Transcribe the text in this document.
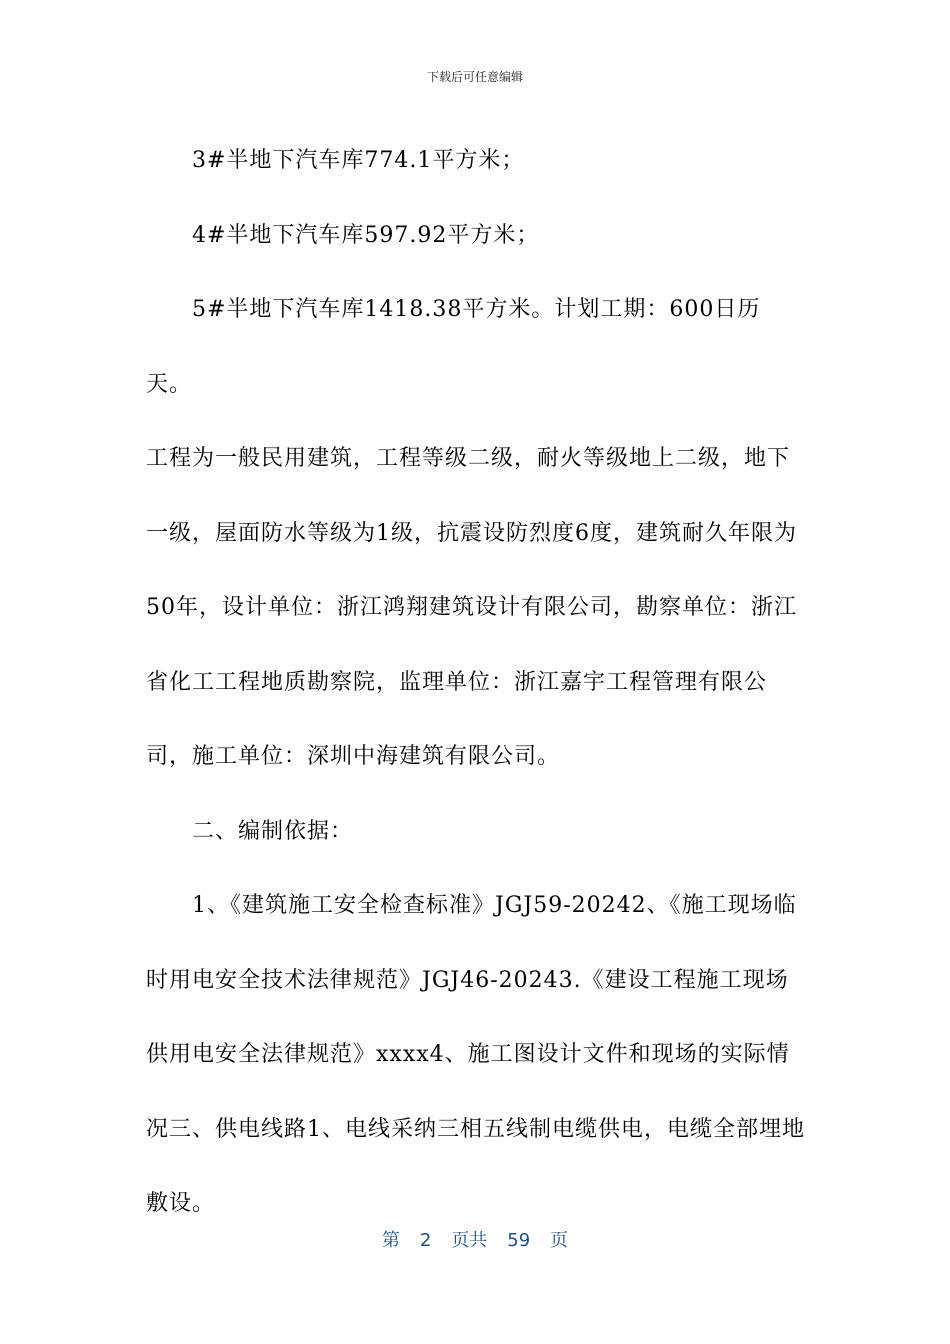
下载后可任意编辑

3#半地下汽车库774.1平方米；

4#半地下汽车库597.92平方米；

5#半地下汽车库1418.38平方米。计划工期：600日历天。

工程为一般民用建筑，工程等级二级，耐火等级地上二级，地下一级，屋面防水等级为1级，抗震设防烈度6度，建筑耐久年限为50年，设计单位：浙江鸿翔建筑设计有限公司，勘察单位：浙江省化工工程地质勘察院，监理单位：浙江嘉宇工程管理有限公司，施工单位：深圳中海建筑有限公司。

二、编制依据：

1、《建筑施工安全检查标准》JGJ59-20242、《施工现场临时用电安全技术法律规范》JGJ46-20243.《建设工程施工现场供用电安全法律规范》xxxx4、施工图设计文件和现场的实际情况三、供电线路1、电线采纳三相五线制电缆供电，电缆全部埋地敷设。

第 2 页共 59 页
